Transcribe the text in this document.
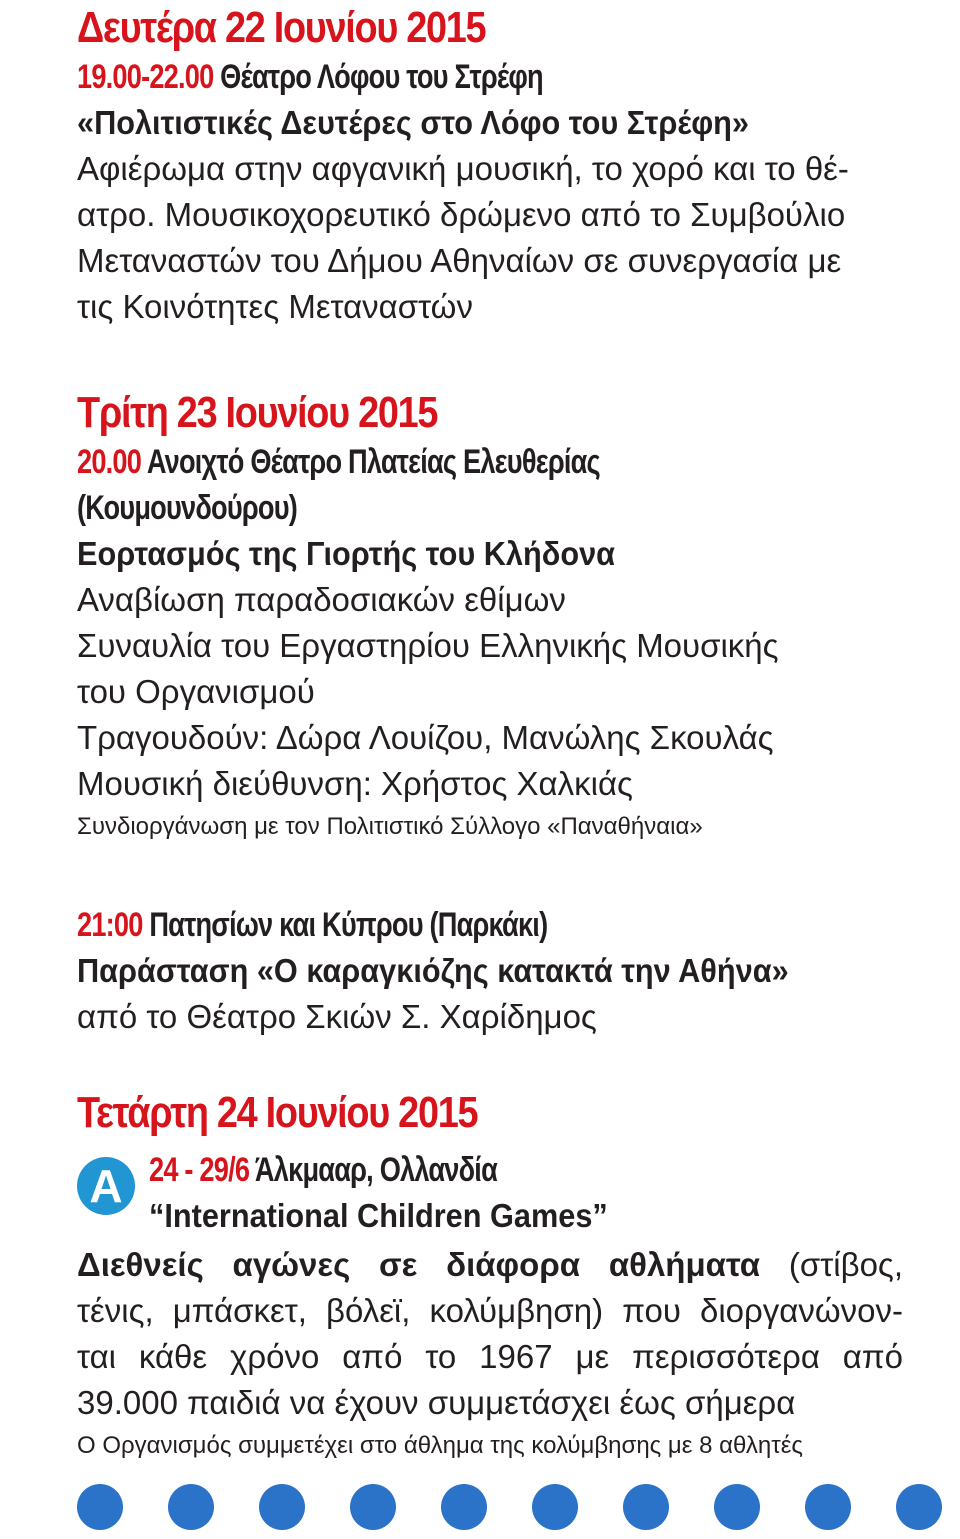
Δευτέρα 22 Ιουνίου 2015
19.00-22.00 Θέατρο Λόφου του Στρέφη
«Πολιτιστικές Δευτέρες στο Λόφο του Στρέφη»
Αφιέρωμα στην αφγανική μουσική, το χορό και το θέ-
ατρο. Μουσικοχορευτικό δρώμενο από το Συμβούλιο
Μεταναστών του Δήμου Αθηναίων σε συνεργασία με
τις Κοινότητες Μεταναστών
Τρίτη 23 Ιουνίου 2015
20.00 Ανοιχτό Θέατρο Πλατείας Ελευθερίας
(Κουμουνδούρου)
Εορτασμός της Γιορτής του Κλήδονα
Αναβίωση παραδοσιακών εθίμων
Συναυλία του Εργαστηρίου Ελληνικής Μουσικής
του Οργανισμού
Τραγουδούν: Δώρα Λουίζου, Μανώλης Σκουλάς
Μουσική διεύθυνση: Χρήστος Χαλκιάς
Συνδιοργάνωση με τον Πολιτιστικό Σύλλογο «Παναθήναια»
21:00 Πατησίων και Κύπρου (Παρκάκι)
Παράσταση «Ο καραγκιόζης κατακτά την Αθήνα»
από το Θέατρο Σκιών Σ. Χαρίδημος
Τετάρτη 24 Ιουνίου 2015
A 24 - 29/6 Άλκμααρ, Ολλανδία
“International Children Games”
Διεθνείς αγώνες σε διάφορα αθλήματα (στίβος,
τένις, μπάσκετ, βόλεϊ, κολύμβηση) που διοργανώνον-
ται κάθε χρόνο από το 1967 με περισσότερα από
39.000 παιδιά να έχουν συμμετάσχει έως σήμερα
Ο Οργανισμός συμμετέχει στο άθλημα της κολύμβησης με 8 αθλητές
